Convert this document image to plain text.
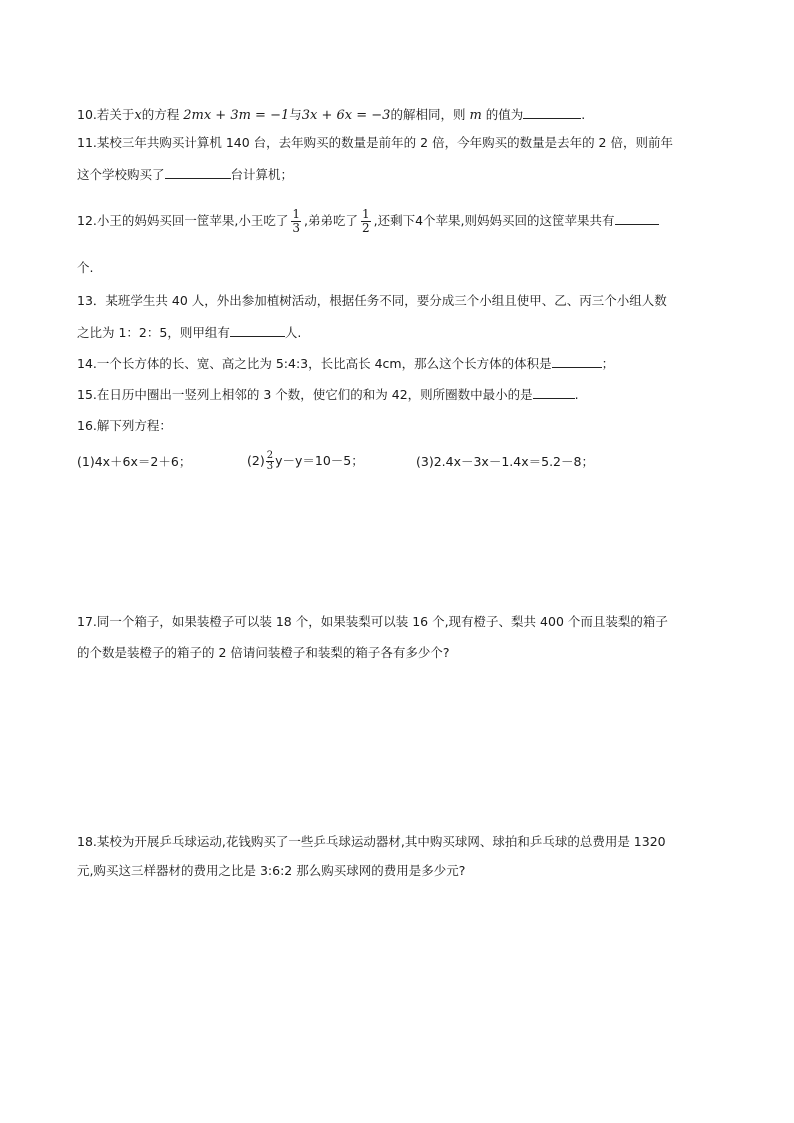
10.若关于x的方程 2mx + 3m = −1与3x + 6x = −3的解相同，则 m 的值为	.
11.某校三年共购买计算机 140 台，去年购买的数量是前年的 2 倍，今年购买的数量是去年的 2 倍，则前年
这个学校购买了	台计算机；
12.小王的妈妈买回一筐苹果,小王吃了 $\frac{1}{3}$ ,弟弟吃了 $\frac{1}{2}$ ,还剩下4个苹果,则妈妈买回的这筐苹果共有
个.
13．某班学生共 40 人，外出参加植树活动，根据任务不同，要分成三个小组且使甲、乙、丙三个小组人数
之比为 1：2：5，则甲组有	人.
14.一个长方体的长、宽、高之比为 5:4:3，长比高长 4cm，那么这个长方体的体积是	；
15.在日历中圈出一竖列上相邻的 3 个数，使它们的和为 42，则所圈数中最小的是	.
16.解下列方程：
(1)4x＋6x＝2＋6；	$(2) \frac{2}{3} y-y=10-5$；	(3)2.4x－3x－1.4x＝5.2－8；
17.同一个箱子，如果装橙子可以装 18 个，如果装梨可以装 16 个,现有橙子、梨共 400 个而且装梨的箱子
的个数是装橙子的箱子的 2 倍请问装橙子和装梨的箱子各有多少个?
18.某校为开展乒乓球运动,花钱购买了一些乒乓球运动器材,其中购买球网、球拍和乒乓球的总费用是 1320
元,购买这三样器材的费用之比是 3:6:2 那么购买球网的费用是多少元?
